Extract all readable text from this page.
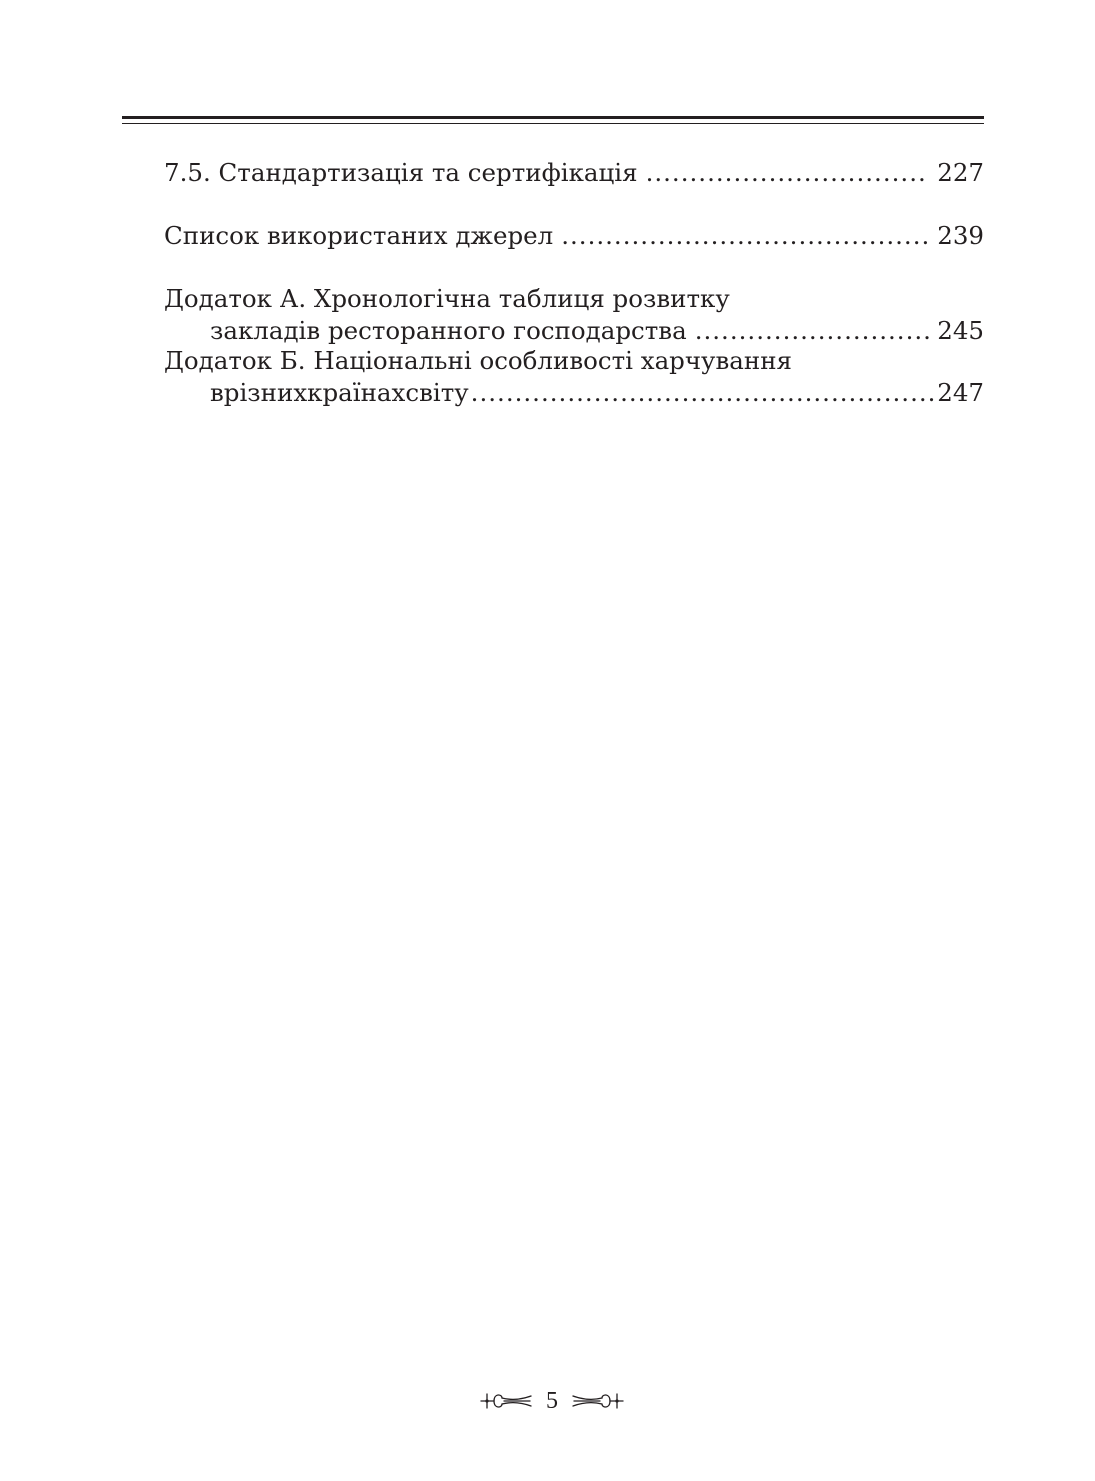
7.5. Стандартизація та сертифікація .....	227
Список використаних джерел .....	239
Додаток А. Хронологічна таблиця розвитку
закладів ресторанного господарства .....	245
Додаток Б. Національні особливості харчування
врізнихкраїнахсвіту .....	247
5
